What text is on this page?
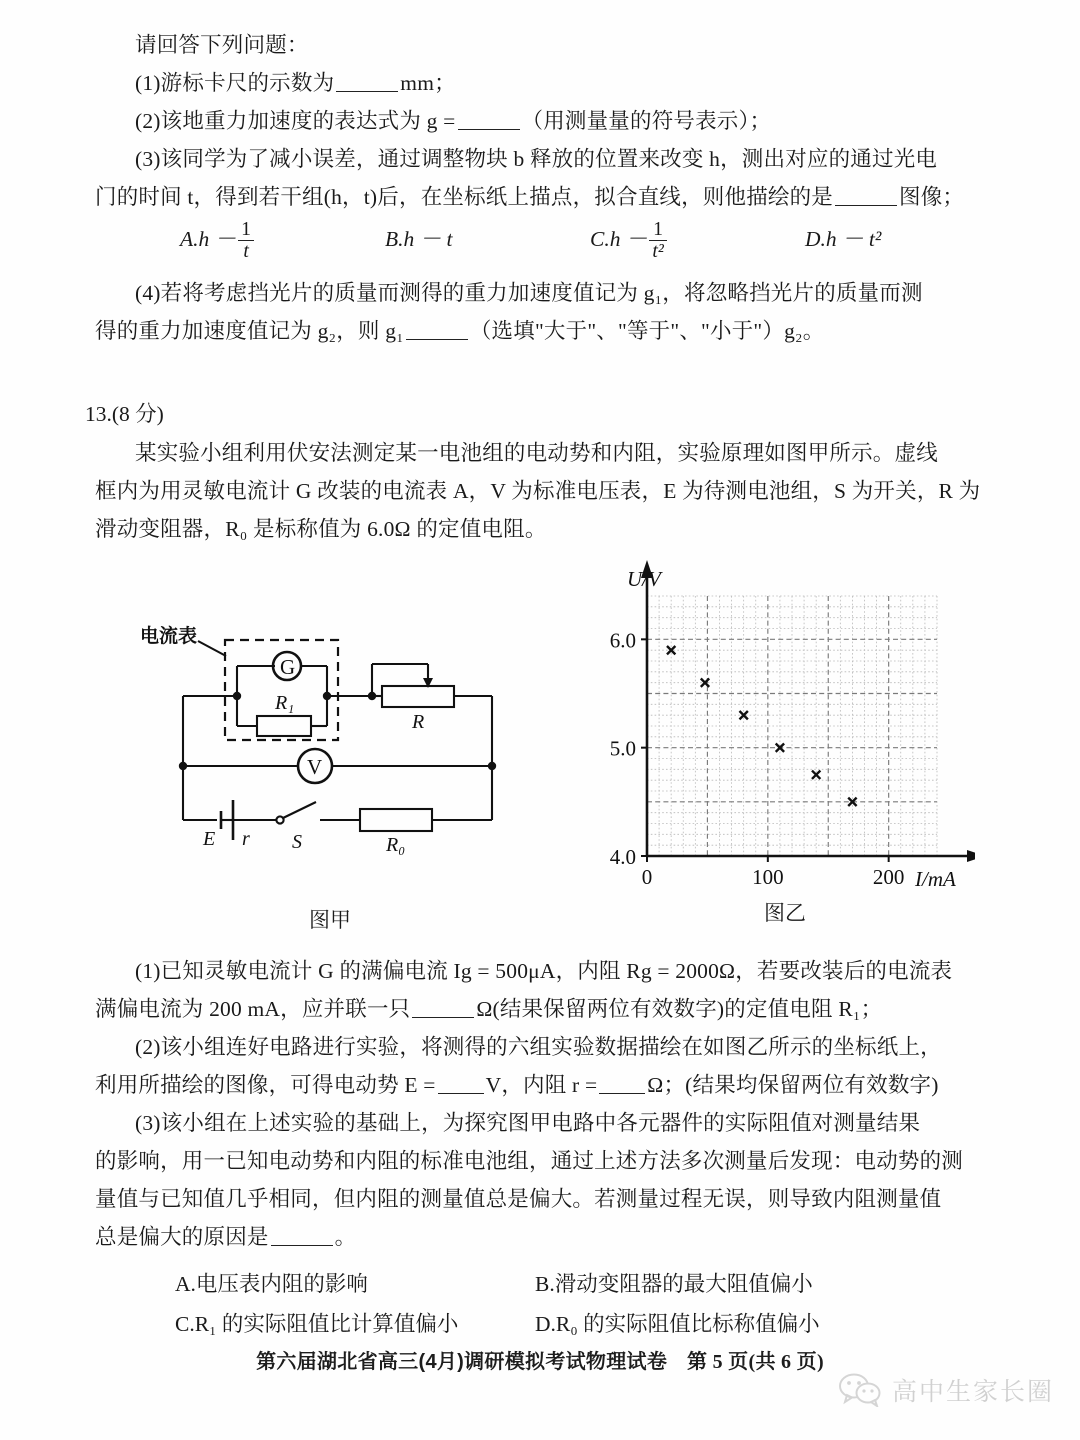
请回答下列问题：
(1)游标卡尺的示数为	mm；
(2)该地重力加速度的表达式为 g =	（用测量量的符号表示）；
(3)该同学为了减小误差，通过调整物块 b 释放的位置来改变 h，测出对应的通过光电
门的时间 t，得到若干组(h，t)后，在坐标纸上描点，拟合直线，则他描绘的是	图像；
$A.h - \frac{1}{t}$	B.h － t	$C.h - \frac{1}{\text{t²}}$	D.h － t²
(4)若将考虑挡光片的质量而测得的重力加速度值记为 g₁，将忽略挡光片的质量而测
得的重力加速度值记为 g₂，则 g₁	（选填"大于"、"等于"、"小于"）g₂。
13.(8 分)
某实验小组利用伏安法测定某一电池组的电动势和内阻，实验原理如图甲所示。虚线
框内为用灵敏电流计 G 改装的电流表 A，V 为标准电压表，E 为待测电池组，S 为开关，R 为
滑动变阻器，R₀ 是标称值为 6.0Ω 的定值电阻。
电流表
G
R₁
R
V
E r S	R₀
图甲
0	100	200
4.0
5.0
6.0
U/V
I/mA
图乙
(1)已知灵敏电流计 G 的满偏电流 Ig = 500μA，内阻 Rg = 2000Ω，若要改装后的电流表
满偏电流为 200 mA，应并联一只	Ω(结果保留两位有效数字)的定值电阻 R₁；
(2)该小组连好电路进行实验，将测得的六组实验数据描绘在如图乙所示的坐标纸上，
利用所描绘的图像，可得电动势 E = V，内阻 r = Ω；(结果均保留两位有效数字)
(3)该小组在上述实验的基础上，为探究图甲电路中各元器件的实际阻值对测量结果
的影响，用一已知电动势和内阻的标准电池组，通过上述方法多次测量后发现：电动势的测
量值与已知值几乎相同，但内阻的测量值总是偏大。若测量过程无误，则导致内阻测量值
总是偏大的原因是	。
A.电压表内阻的影响	B.滑动变阻器的最大阻值偏小
C.R₁ 的实际阻值比计算值偏小	D.R₀ 的实际阻值比标称值偏小
第六届湖北省高三(4月)调研模拟考试物理试卷 第 5 页(共 6 页)
高中生家长圈
